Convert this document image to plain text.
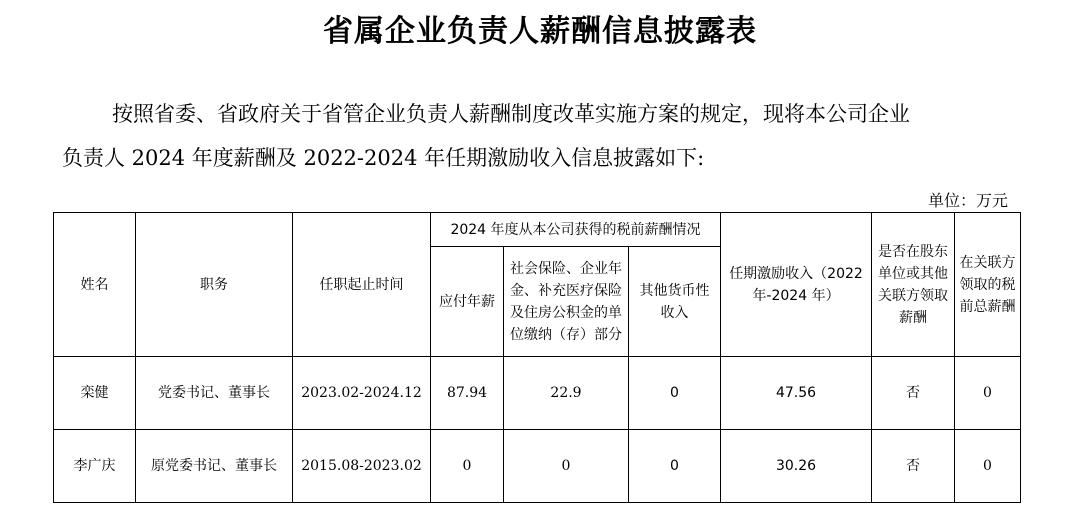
省属企业负责人薪酬信息披露表
按照省委、省政府关于省管企业负责人薪酬制度改革实施方案的规定，现将本公司企业
负责人 2024 年度薪酬及 2022-2024 年任期激励收入信息披露如下:
单位：万元
姓名	职务	任职起止时间	2024 年度从本公司获得的税前薪酬情况			任期激励收入（2022 年-2024 年）	是否在股东单位或其他关联方领取薪酬	在关联方领取的税前总薪酬
			应付年薪	社会保险、企业年金、补充医疗保险及住房公积金的单位缴纳（存）部分	其他货币性收入			
栾健	党委书记、董事长	2023.02-2024.12	87.94	22.9	0	47.56	否	0
李广庆	原党委书记、董事长	2015.08-2023.02	0	0	0	30.26	否	0
